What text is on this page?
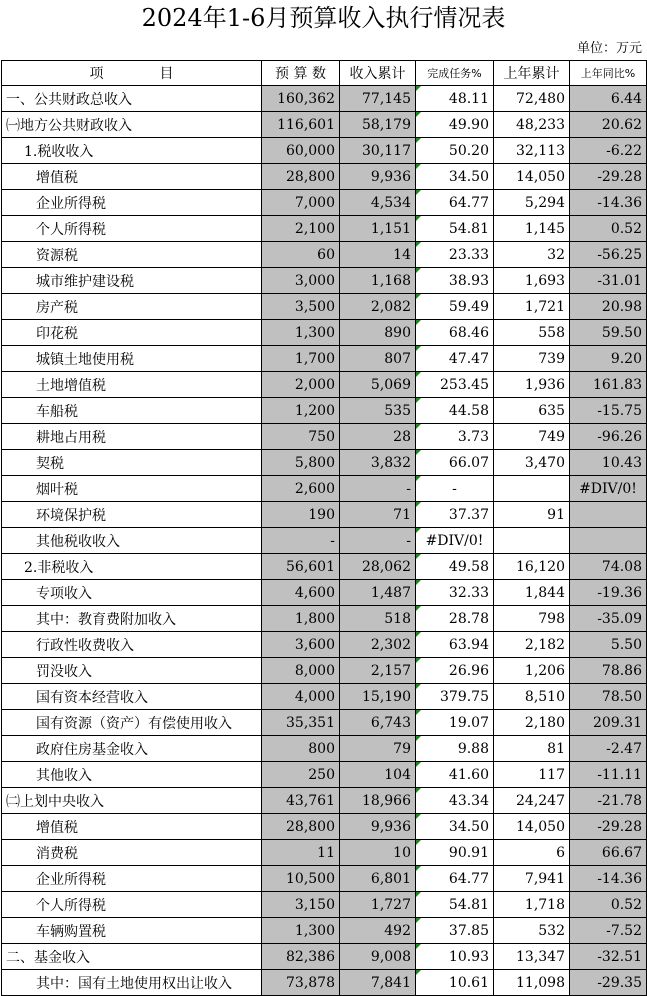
2024年1-6月预算收入执行情况表
单位：万元
项　　　　目	预 算 数	收入累计	完成任务%	上年累计	上年同比%
一、公共财政总收入	160,362	77,145	48.11	72,480	6.44
㈠地方公共财政收入	116,601	58,179	49.90	48,233	20.62
1.税收收入	60,000	30,117	50.20	32,113	-6.22
增值税	28,800	9,936	34.50	14,050	-29.28
企业所得税	7,000	4,534	64.77	5,294	-14.36
个人所得税	2,100	1,151	54.81	1,145	0.52
资源税	60	14	23.33	32	-56.25
城市维护建设税	3,000	1,168	38.93	1,693	-31.01
房产税	3,500	2,082	59.49	1,721	20.98
印花税	1,300	890	68.46	558	59.50
城镇土地使用税	1,700	807	47.47	739	9.20
土地增值税	2,000	5,069	253.45	1,936	161.83
车船税	1,200	535	44.58	635	-15.75
耕地占用税	750	28	3.73	749	-96.26
契税	5,800	3,832	66.07	3,470	10.43
烟叶税	2,600	-	-		#DIV/0!
环境保护税	190	71	37.37	91	
其他税收收入	-	-	#DIV/0!		
2.非税收入	56,601	28,062	49.58	16,120	74.08
专项收入	4,600	1,487	32.33	1,844	-19.36
其中：教育费附加收入	1,800	518	28.78	798	-35.09
行政性收费收入	3,600	2,302	63.94	2,182	5.50
罚没收入	8,000	2,157	26.96	1,206	78.86
国有资本经营收入	4,000	15,190	379.75	8,510	78.50
国有资源（资产）有偿使用收入	35,351	6,743	19.07	2,180	209.31
政府住房基金收入	800	79	9.88	81	-2.47
其他收入	250	104	41.60	117	-11.11
㈡上划中央收入	43,761	18,966	43.34	24,247	-21.78
增值税	28,800	9,936	34.50	14,050	-29.28
消费税	11	10	90.91	6	66.67
企业所得税	10,500	6,801	64.77	7,941	-14.36
个人所得税	3,150	1,727	54.81	1,718	0.52
车辆购置税	1,300	492	37.85	532	-7.52
二、基金收入	82,386	9,008	10.93	13,347	-32.51
其中：国有土地使用权出让收入	73,878	7,841	10.61	11,098	-29.35
